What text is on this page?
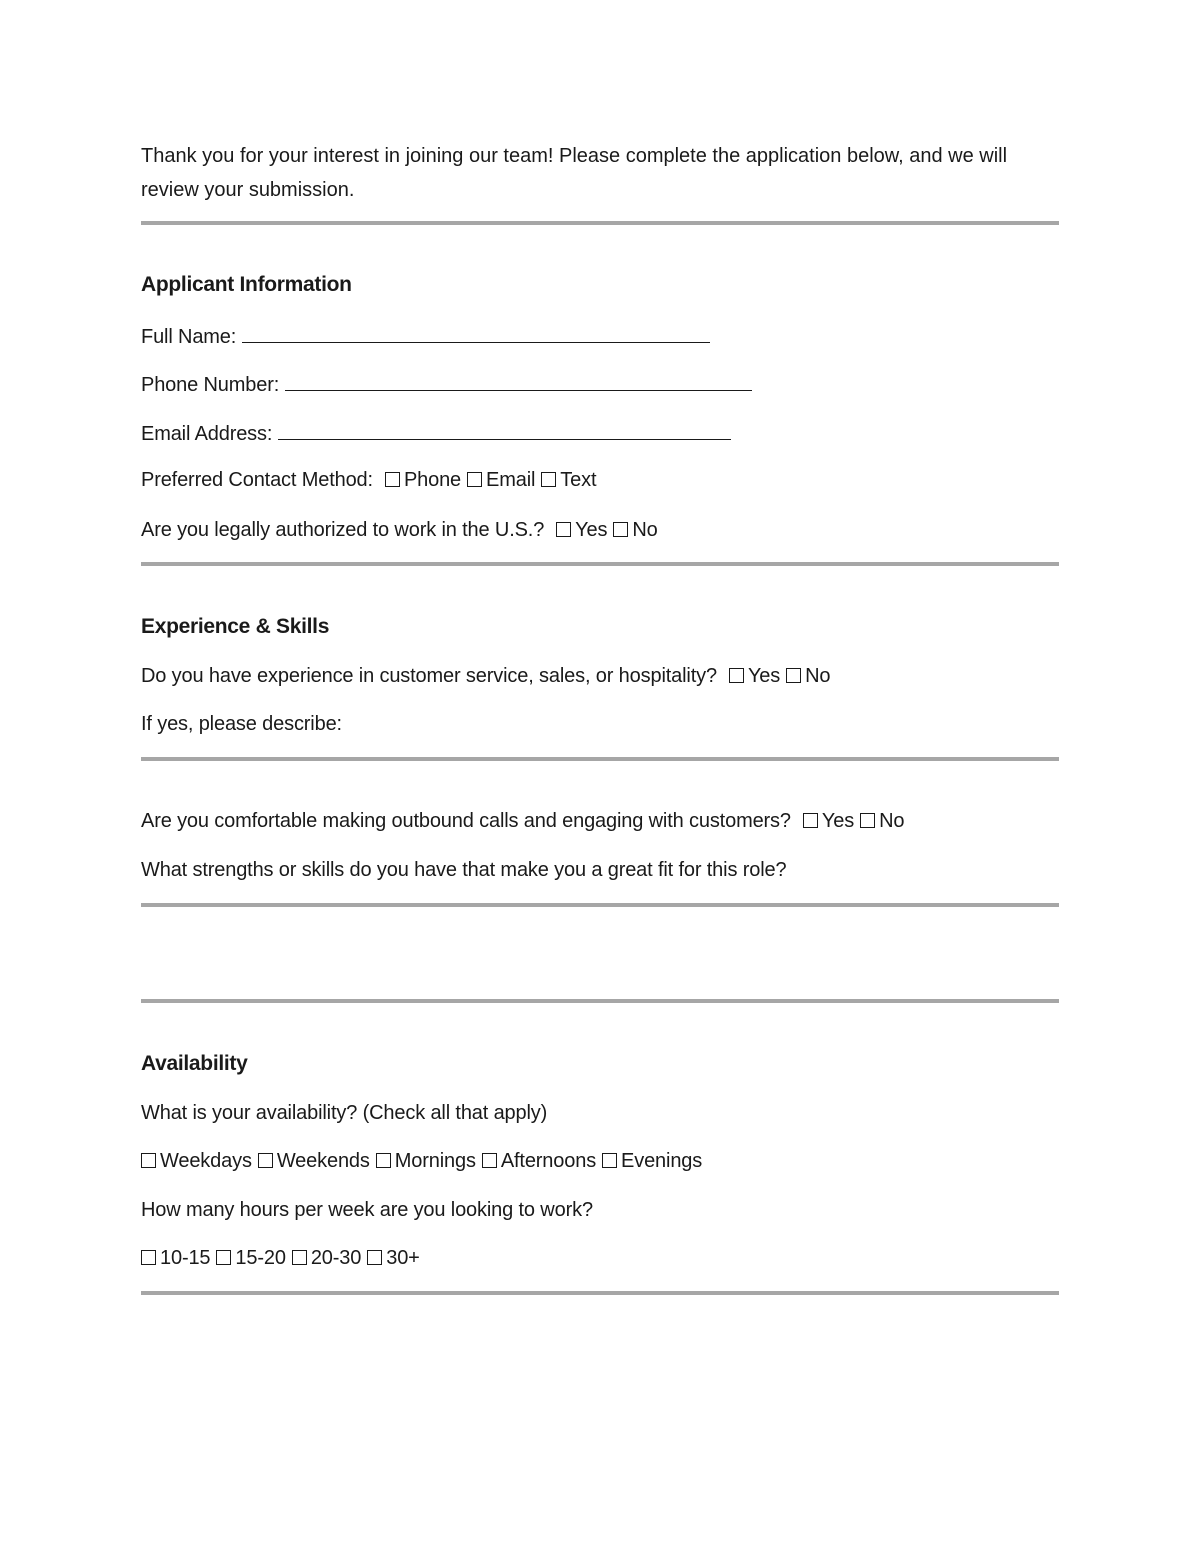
Thank you for your interest in joining our team! Please complete the application below, and we will review your submission.
Applicant Information
Full Name:
Phone Number:
Email Address:
Preferred Contact Method: Phone Email Text
Are you legally authorized to work in the U.S.? Yes No
Experience & Skills
Do you have experience in customer service, sales, or hospitality? Yes No
If yes, please describe:
Are you comfortable making outbound calls and engaging with customers? Yes No
What strengths or skills do you have that make you a great fit for this role?
Availability
What is your availability? (Check all that apply)
Weekdays Weekends Mornings Afternoons Evenings
How many hours per week are you looking to work?
10-15 15-20 20-30 30+
